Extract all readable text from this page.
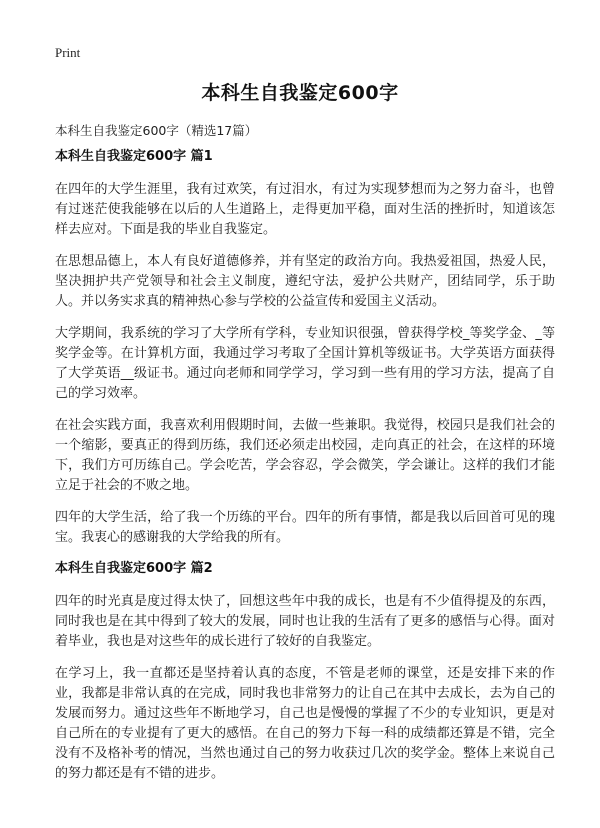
Print
本科生自我鉴定600字
本科生自我鉴定600字（精选17篇）
本科生自我鉴定600字 篇1

在四年的大学生涯里，我有过欢笑，有过泪水，有过为实现梦想而为之努力奋斗，也曾有过迷茫使我能够在以后的人生道路上，走得更加平稳，面对生活的挫折时，知道该怎样去应对。下面是我的毕业自我鉴定。

在思想品德上，本人有良好道德修养，并有坚定的政治方向。我热爱祖国，热爱人民，坚决拥护共产党领导和社会主义制度，遵纪守法，爱护公共财产，团结同学，乐于助人。并以务实求真的精神热心参与学校的公益宣传和爱国主义活动。

大学期间，我系统的学习了大学所有学科，专业知识很强，曾获得学校_等奖学金、_等奖学金等。在计算机方面，我通过学习考取了全国计算机等级证书。大学英语方面获得了大学英语__级证书。通过向老师和同学学习，学习到一些有用的学习方法，提高了自己的学习效率。

在社会实践方面，我喜欢利用假期时间，去做一些兼职。我觉得，校园只是我们社会的一个缩影，要真正的得到历练，我们还必须走出校园，走向真正的社会，在这样的环境下，我们方可历练自己。学会吃苦，学会容忍，学会微笑，学会谦让。这样的我们才能立足于社会的不败之地。

四年的大学生活，给了我一个历练的平台。四年的所有事情，都是我以后回首可见的瑰宝。我衷心的感谢我的大学给我的所有。

本科生自我鉴定600字 篇2

四年的时光真是度过得太快了，回想这些年中我的成长，也是有不少值得提及的东西，同时我也是在其中得到了较大的发展，同时也让我的生活有了更多的感悟与心得。面对着毕业，我也是对这些年的成长进行了较好的自我鉴定。

在学习上，我一直都还是坚持着认真的态度，不管是老师的课堂，还是安排下来的作业，我都是非常认真的在完成，同时我也非常努力的让自己在其中去成长，去为自己的发展而努力。通过这些年不断地学习，自己也是慢慢的掌握了不少的专业知识，更是对自己所在的专业提有了更大的感悟。在自己的努力下每一科的成绩都还算是不错，完全没有不及格补考的情况，当然也通过自己的努力收获过几次的奖学金。整体上来说自己的努力都还是有不错的进步。
